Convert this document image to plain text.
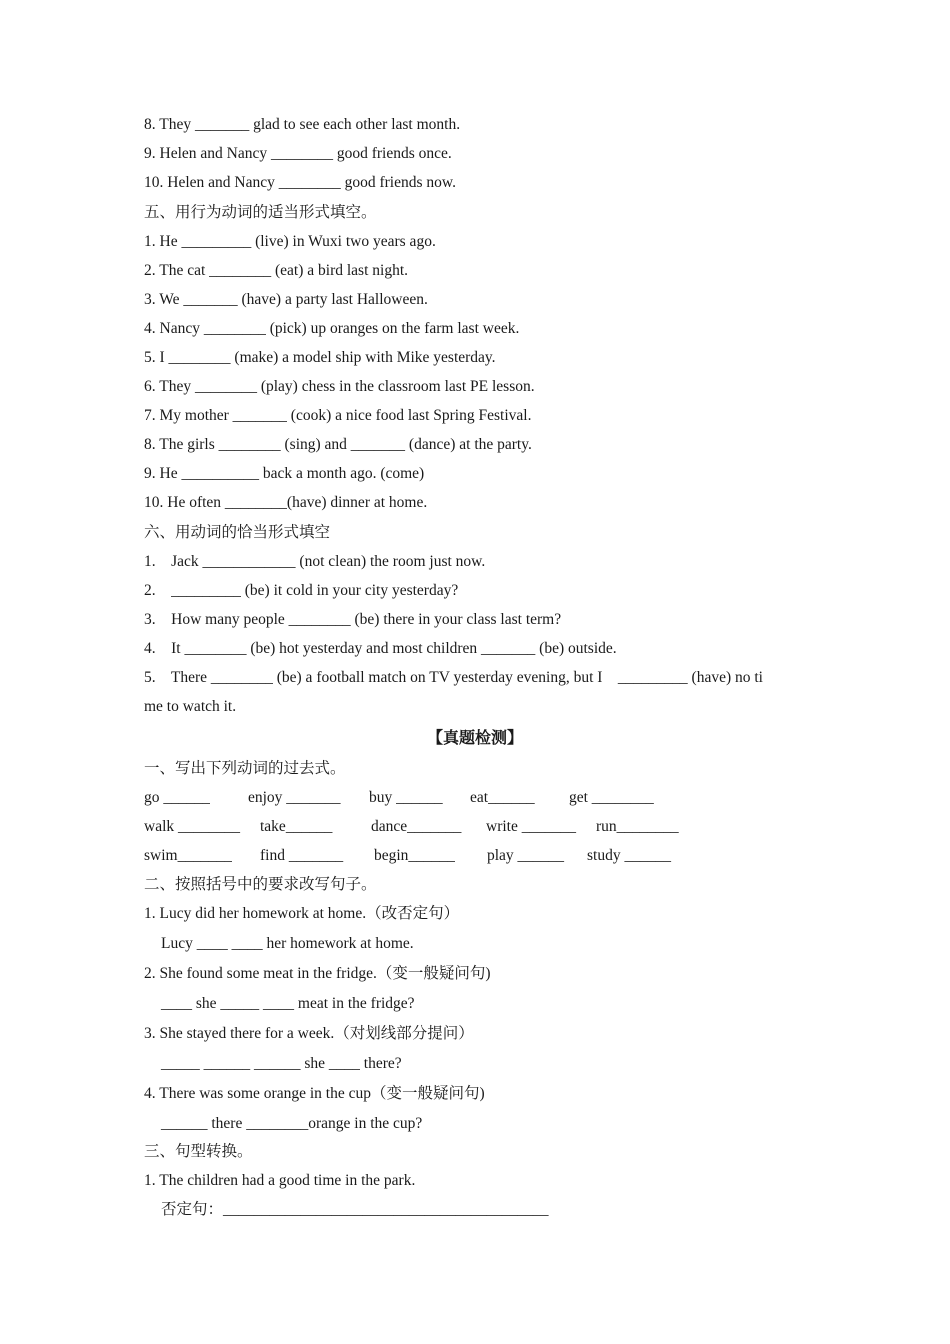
8. They _______ glad to see each other last month.
9. Helen and Nancy ________ good friends once.
10. Helen and Nancy ________ good friends now.
五、用行为动词的适当形式填空。
1. He _________ (live) in Wuxi two years ago.
2. The cat ________ (eat) a bird last night.
3. We _______ (have) a party last Halloween.
4. Nancy ________ (pick) up oranges on the farm last week.
5. I ________ (make) a model ship with Mike yesterday.
6. They ________ (play) chess in the classroom last PE lesson.
7. My mother _______ (cook) a nice food last Spring Festival.
8. The girls ________ (sing) and _______ (dance) at the party.
9. He __________ back a month ago. (come)
10. He often ________(have) dinner at home.
六、用动词的恰当形式填空
1.    Jack ____________ (not clean) the room just now.
2.    _________ (be) it cold in your city yesterday?
3.    How many people ________ (be) there in your class last term?
4.    It ________ (be) hot yesterday and most children _______ (be) outside.
5.    There ________ (be) a football match on TV yesterday evening, but I    _________ (have) no ti
me to watch it.
【真题检测】
一、写出下列动词的过去式。

go ______

enjoy _______

buy ______

eat______

get ________

walk ________

take______

dance_______

write _______

run________

swim_______

find _______

begin______

play ______

study ______

二、按照括号中的要求改写句子。
1. Lucy did her homework at home.（改否定句）
Lucy ____ ____ her homework at home.
2. She found some meat in the fridge.（变一般疑问句)
____ she _____ ____ meat in the fridge?
3. She stayed there for a week.（对划线部分提问）
_____ ______ ______ she ____ there?
4. There was some orange in the cup（变一般疑问句)
______ there ________orange in the cup?
三、句型转换。
1. The children had a good time in the park.
否定句：__________________________________________
